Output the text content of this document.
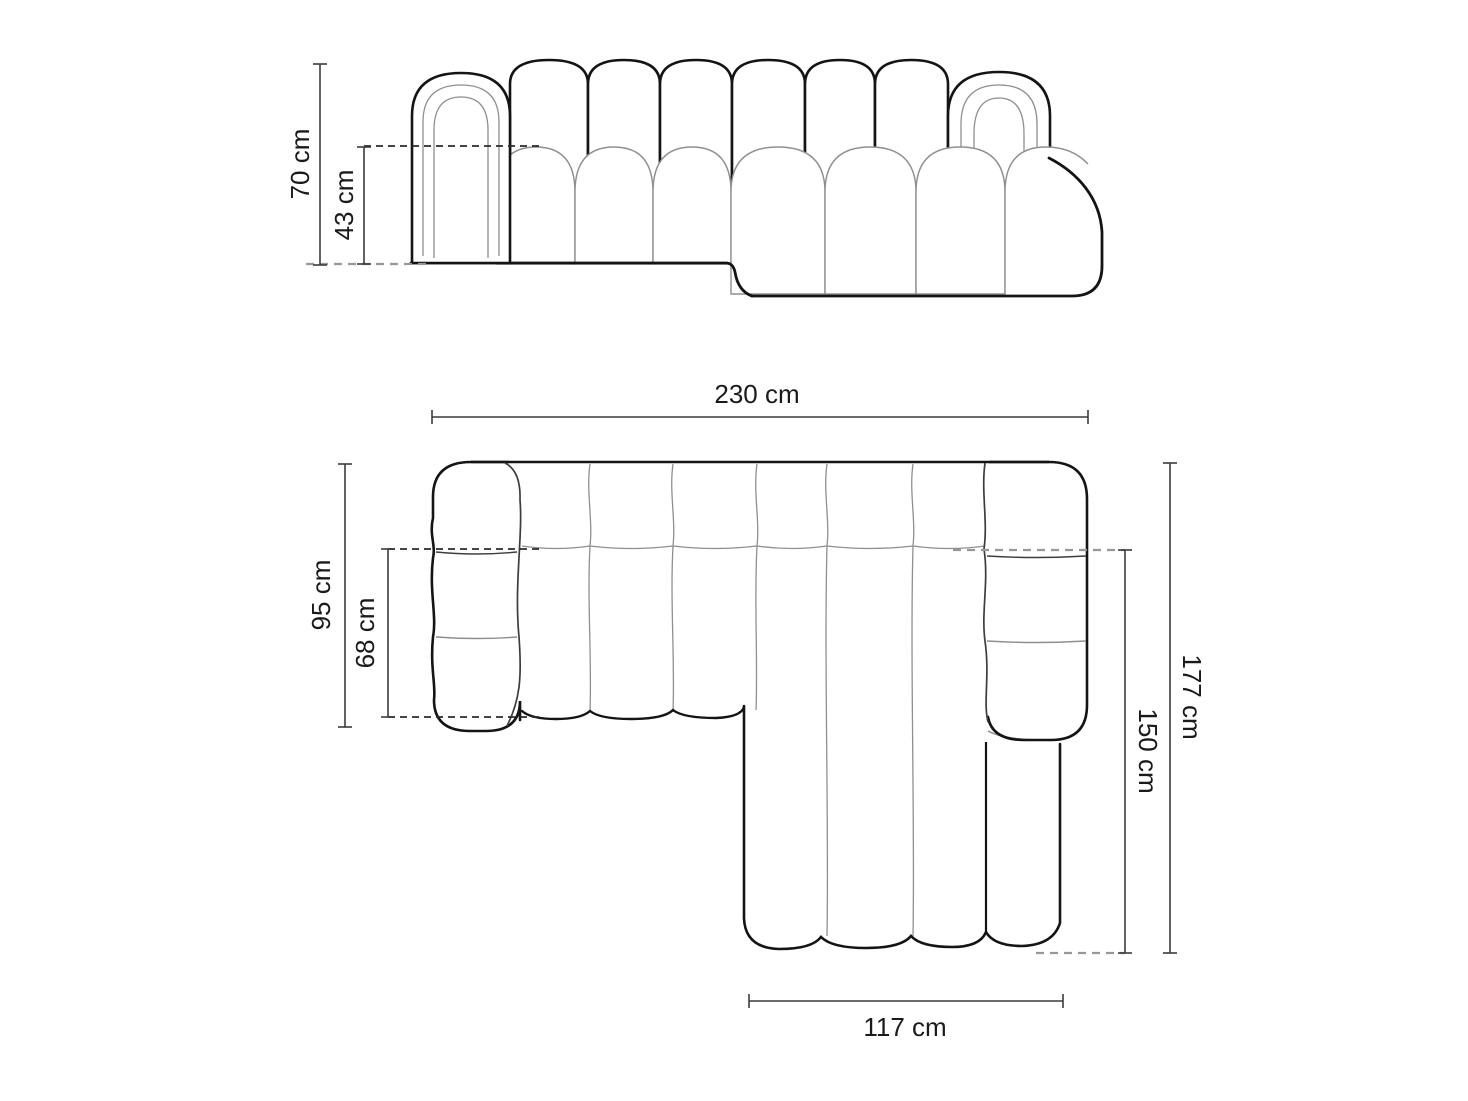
70 cm
43 cm
230 cm
95 cm
68 cm
177 cm
150 cm
117 cm
